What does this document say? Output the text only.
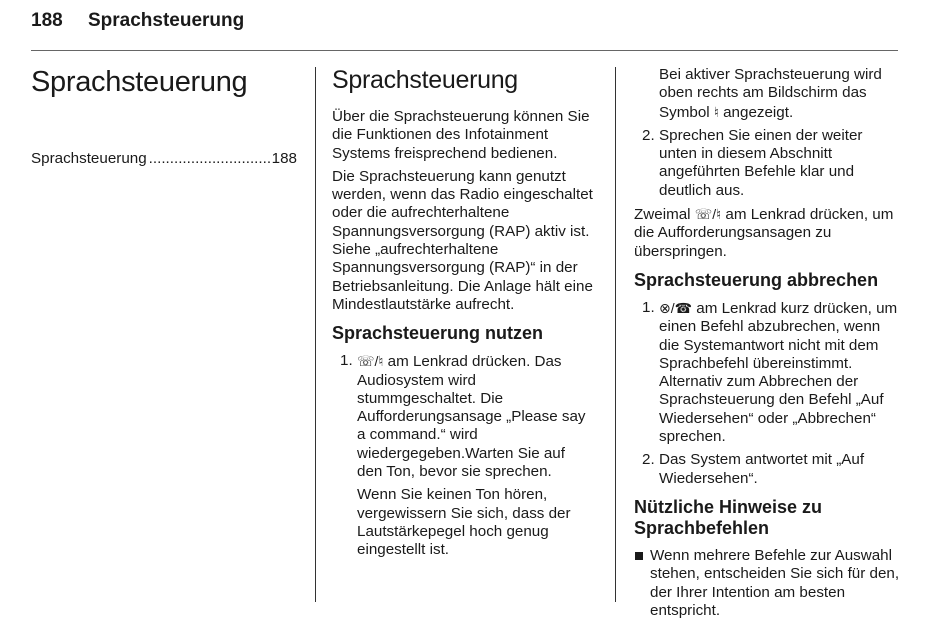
188 Sprachsteuerung
Sprachsteuerung
Sprachsteuerung
.....	188
Sprachsteuerung

Über die Sprachsteuerung können Sie die Funktionen des Infotainment Systems freisprechend bedienen.

Die Sprachsteuerung kann genutzt werden, wenn das Radio eingeschaltet oder die aufrechterhaltene Spannungsversorgung (RAP) aktiv ist. Siehe „aufrechterhaltene Spannungsversorgung (RAP)“ in der Betriebsanleitung. Die Anlage hält eine Mindestlautstärke aufrecht.

Sprachsteuerung nutzen
1. ☏/♮ am Lenkrad drücken. Das Audiosystem wird stummgeschaltet. Die Aufforderungsansage „Please say a command.“ wird wiedergegeben.Warten Sie auf den Ton, bevor sie sprechen.
Wenn Sie keinen Ton hören, vergewissern Sie sich, dass der Lautstärkepegel hoch genug eingestellt ist.
Bei aktiver Sprachsteuerung wird oben rechts am Bildschirm das Symbol ♮ angezeigt.
2. Sprechen Sie einen der weiter unten in diesem Abschnitt angeführten Befehle klar und deutlich aus.

Zweimal ☏/♮ am Lenkrad drücken, um die Aufforderungsansagen zu überspringen.

Sprachsteuerung abbrechen
1. ⊗/☎ am Lenkrad kurz drücken, um einen Befehl abzubrechen, wenn die Systemantwort nicht mit dem Sprachbefehl übereinstimmt. Alternativ zum Abbrechen der Sprachsteuerung den Befehl „Auf Wiedersehen“ oder „Abbrechen“ sprechen.
2. Das System antwortet mit „Auf Wiedersehen“.
Nützliche Hinweise zu Sprachbefehlen
Wenn mehrere Befehle zur Auswahl stehen, entscheiden Sie sich für den, der Ihrer Intention am besten entspricht.
